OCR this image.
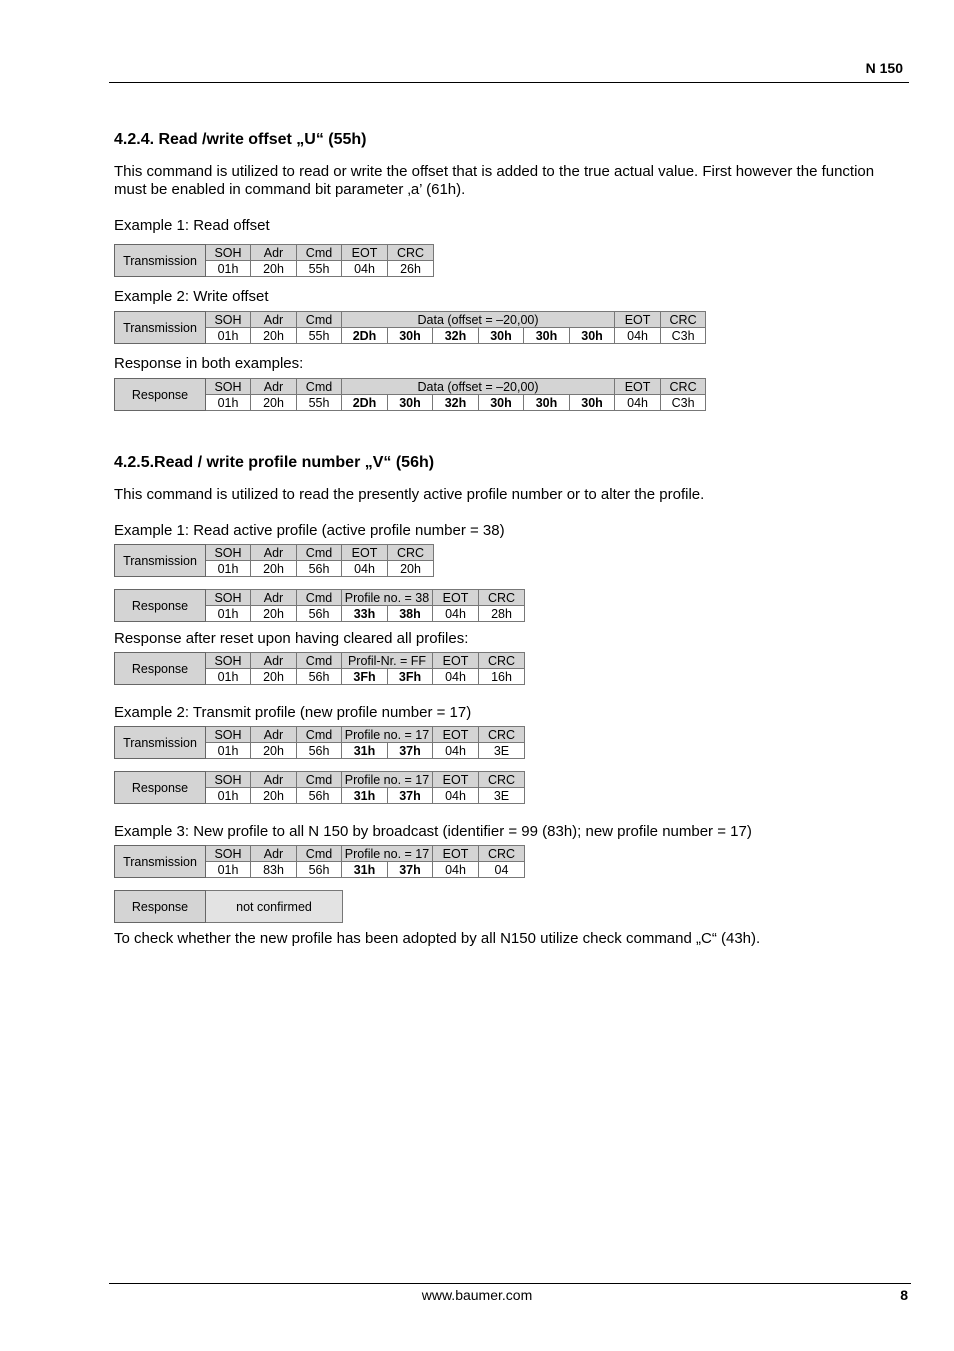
N 150
4.2.4. Read /write offset „U“ (55h)

This command is utilized to read or write the offset that is added to the true actual value. First however the function must be enabled in command bit parameter ‚a’ (61h).

Example 1: Read offset

Transmission	SOH	Adr	Cmd	EOT	CRC
	01h	20h	55h	04h	26h

Example 2: Write offset

Transmission	SOH	Adr	Cmd	Data (offset = –20,00)						EOT	CRC
	01h	20h	55h	2Dh	30h	32h	30h	30h	30h	04h	C3h

Response in both examples:

Response	SOH	Adr	Cmd	Data (offset = –20,00)						EOT	CRC
	01h	20h	55h	2Dh	30h	32h	30h	30h	30h	04h	C3h
4.2.5.Read / write profile number „V“ (56h)

This command is utilized to read the presently active profile number or to alter the profile.

Example 1: Read active profile (active profile number = 38)

Transmission	SOH	Adr	Cmd	EOT	CRC
	01h	20h	56h	04h	20h
Response	SOH	Adr	Cmd	Profile no. = 38		EOT	CRC
	01h	20h	56h	33h	38h	04h	28h

Response after reset upon having cleared all profiles:

Response	SOH	Adr	Cmd	Profil-Nr. = FF		EOT	CRC
	01h	20h	56h	3Fh	3Fh	04h	16h

Example 2: Transmit profile (new profile number = 17)

Transmission	SOH	Adr	Cmd	Profile no. = 17		EOT	CRC
	01h	20h	56h	31h	37h	04h	3E
Response	SOH	Adr	Cmd	Profile no. = 17		EOT	CRC
	01h	20h	56h	31h	37h	04h	3E

Example 3: New profile to all N 150 by broadcast (identifier = 99 (83h); new profile number = 17)

Transmission	SOH	Adr	Cmd	Profile no. = 17		EOT	CRC
	01h	83h	56h	31h	37h	04h	04
Response	not confirmed

To check whether the new profile has been adopted by all N150 utilize check command „C“ (43h).

www.baumer.com	8
